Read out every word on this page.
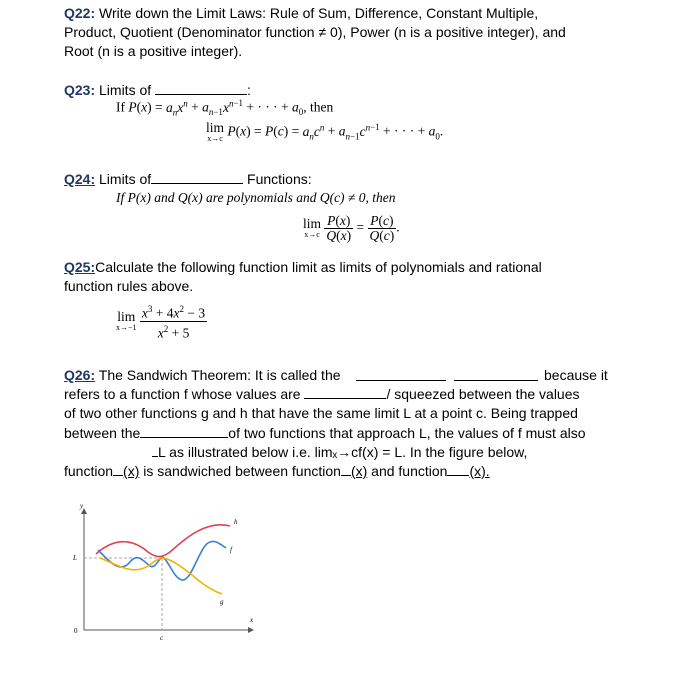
Q22: Write down the Limit Laws: Rule of Sum, Difference, Constant Multiple,
Product, Quotient (Denominator function ≠ 0), Power (n is a positive integer), and
Root (n is a positive integer).
Q23: Limits of	:
If $P(x) = a_nx^n + a_{n-1}x^{n-1}$ + · · · + $a_0$, then
lim
x→c $P(x) = P(c) = a_nc^n + a_{n-1}c^{n-1}$ + · · · + $a_0$.
Q24: Limits of	Functions:
If P(x) and Q(x) are polynomials and Q(c) ≠ 0, then
lim
x→c
$\frac{P(x)}{Q(x)} = \frac{P(c)}{Q(c)}$ .
Q25:Calculate the following function limit as limits of polynomials and rational
function rules above.
lim
x→−1
$\frac{x^3 + 4x^2 - 3}{x^2 + 5}$
Q26: The Sandwich Theorem: It is called the	because it
refers to a function f whose values are	/ squeezed between the values
of two other functions g and h that have the same limit L at a point c. Being trapped
between the	of two functions that approach L, the values of f must also
L as illustrated below i.e. limₓ→cf(x) = L. In the figure below,
function (x) is sandwiched between function (x) and function (x).
y
x
L
0
c
h
f
g
